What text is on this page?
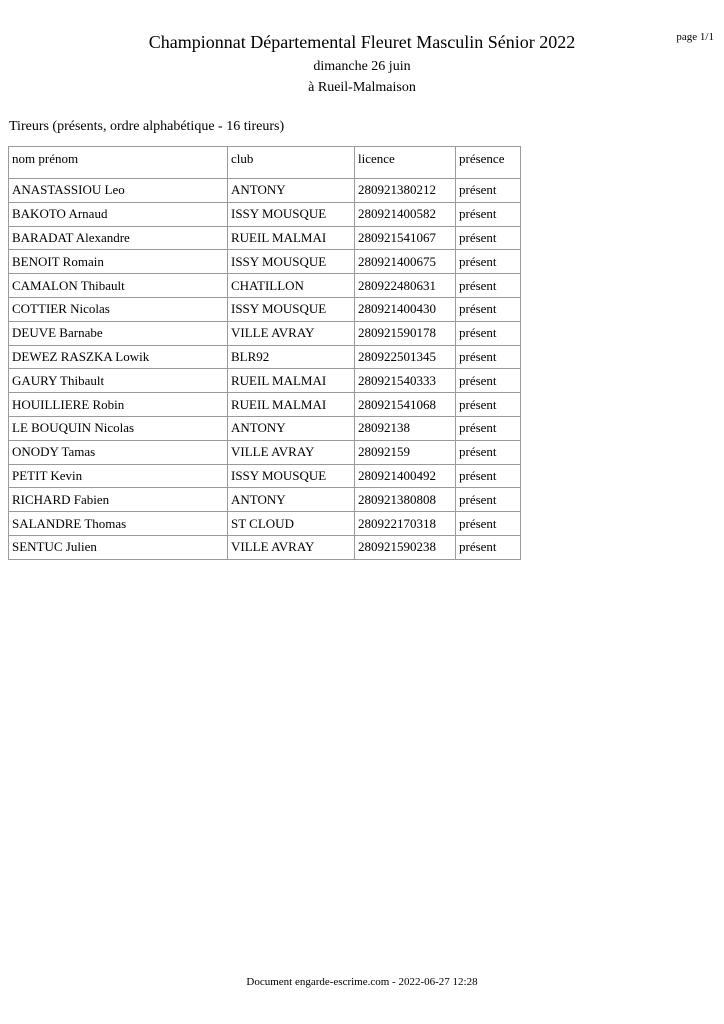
Championnat Départemental Fleuret Masculin Sénior 2022
dimanche 26 juin
à Rueil-Malmaison
page 1/1
Tireurs (présents, ordre alphabétique - 16 tireurs)
nom prénom	club	licence	présence
ANASTASSIOU Leo	ANTONY	280921380212	présent
BAKOTO Arnaud	ISSY MOUSQUE	280921400582	présent
BARADAT Alexandre	RUEIL MALMAI	280921541067	présent
BENOIT Romain	ISSY MOUSQUE	280921400675	présent
CAMALON Thibault	CHATILLON	280922480631	présent
COTTIER Nicolas	ISSY MOUSQUE	280921400430	présent
DEUVE Barnabe	VILLE AVRAY	280921590178	présent
DEWEZ RASZKA Lowik	BLR92	280922501345	présent
GAURY Thibault	RUEIL MALMAI	280921540333	présent
HOUILLIERE Robin	RUEIL MALMAI	280921541068	présent
LE BOUQUIN Nicolas	ANTONY	28092138	présent
ONODY Tamas	VILLE AVRAY	28092159	présent
PETIT Kevin	ISSY MOUSQUE	280921400492	présent
RICHARD Fabien	ANTONY	280921380808	présent
SALANDRE Thomas	ST CLOUD	280922170318	présent
SENTUC Julien	VILLE AVRAY	280921590238	présent
Document engarde-escrime.com - 2022-06-27 12:28
